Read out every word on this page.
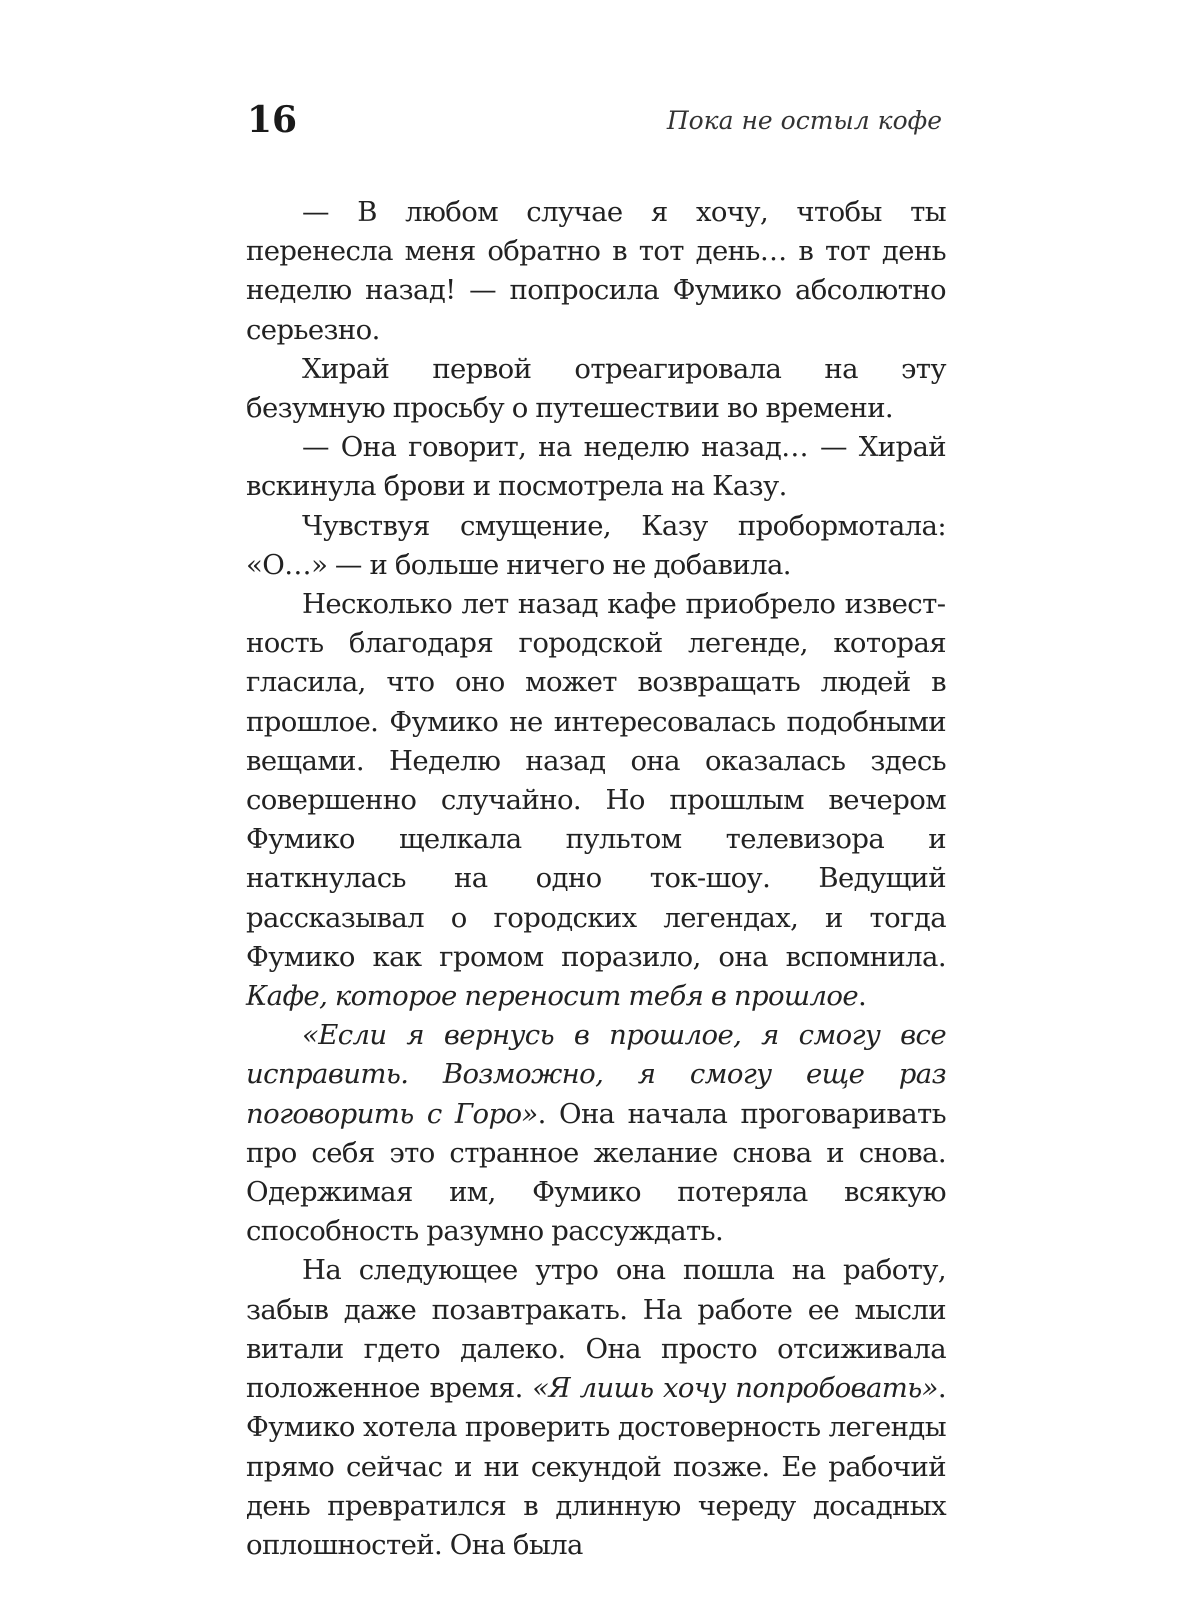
16	Пока не остыл кофе

— В любом случае я хочу, чтобы ты перенесла меня обратно в тот день… в тот день неделю назад! — попросила Фумико абсолютно серьезно.

Хирай первой отреагировала на эту безумную просьбу о путешествии во времени.

— Она говорит, на неделю назад… — Хирай вскинула брови и посмотрела на Казу.

Чувствуя смущение, Казу пробормотала: «О…» — и больше ничего не добавила.

Несколько лет назад кафе приобрело известность благодаря городской легенде, которая гласила, что оно может возвращать людей в прошлое. Фумико не интересовалась подобными вещами. Неделю назад она оказалась здесь совершенно случайно. Но прошлым вечером Фумико щелкала пультом телевизора и наткнулась на одно ток-шоу. Ведущий рассказывал о городских легендах, и тогда Фумико как громом поразило, она вспомнила. Кафе, которое переносит тебя в прошлое.

«Если я вернусь в прошлое, я смогу все исправить. Возможно, я смогу еще раз поговорить с Горо». Она начала проговаривать про себя это странное желание снова и снова. Одержимая им, Фумико потеряла всякую способность разумно рассуждать.

На следующее утро она пошла на работу, забыв даже позавтракать. На работе ее мысли витали гдето далеко. Она просто отсиживала положенное время. «Я лишь хочу попробовать». Фумико хотела проверить достоверность легенды прямо сейчас и ни секундой позже. Ее рабочий день превратился в длинную череду досадных оплошностей. Она была
